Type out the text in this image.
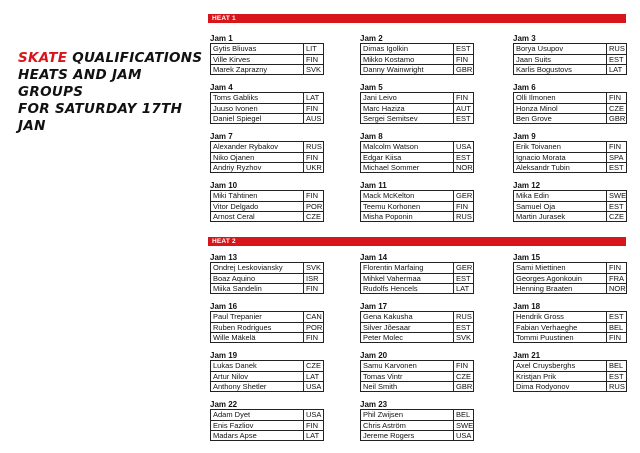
SKATE QUALIFICATIONS
HEATS AND JAM GROUPS
FOR SATURDAY 17TH JAN
HEAT 1
Jam 1
Gytis Bliuvas	LIT
Ville Kirves	FIN
Marek Zaprazny	SVK
Jam 2
Dimas Igolkin	EST
Mikko Kostamo	FIN
Danny Wainwright	GBR
Jam 3
Borya Usupov	RUS
Jaan Suits	EST
Karlis Bogustovs	LAT
Jam 4
Toms Gabliks	LAT
Juuso Ivonen	FIN
Daniel Spiegel	AUS
Jam 5
Jani Leivo	FIN
Marc Haziza	AUT
Sergei Semitsev	EST
Jam 6
Olli Ilmonen	FIN
Honza Minol	CZE
Ben Grove	GBR
Jam 7
Alexander Rybakov	RUS
Niko Ojanen	FIN
Andriy Ryzhov	UKR
Jam 8
Malcolm Watson	USA
Edgar Kiisa	EST
Michael Sommer	NOR
Jam 9
Erik Toivanen	FIN
Ignacio Morata	SPA
Aleksandr Tubin	EST
Jam 10
Miki Tähtinen	FIN
Vitor Delgado	POR
Arnost Ceral	CZE
Jam 11
Mack McKelton	GER
Teemu Korhonen	FIN
Misha Poponin	RUS
Jam 12
Mika Edin	SWE
Samuel Oja	EST
Martin Jurasek	CZE
HEAT 2
Jam 13
Ondrej Leskoviansky	SVK
Boaz Aquino	ISR
Miika Sandelin	FIN
Jam 14
Florentin Marfaing	GER
Mihkel Vahermaa	EST
Rudolfs Hencels	LAT
Jam 15
Sami Miettinen	FIN
Georges Agonkouin	FRA
Henning Braaten	NOR
Jam 16
Paul Trepanier	CAN
Ruben Rodrigues	POR
Wille Mäkelä	FIN
Jam 17
Gena Kakusha	RUS
Silver Jõesaar	EST
Peter Molec	SVK
Jam 18
Hendrik Gross	EST
Fabian Verhaeghe	BEL
Tommi Puustinen	FIN
Jam 19
Lukas Danek	CZE
Artur Nilov	LAT
Anthony Shetler	USA
Jam 20
Samu Karvonen	FIN
Tomas Vintr	CZE
Neil Smith	GBR
Jam 21
Axel Cruysberghs	BEL
Kristjan Prik	EST
Dima Rodyonov	RUS
Jam 22
Adam Dyet	USA
Enis Fazliov	FIN
Madars Apse	LAT
Jam 23
Phil Zwijsen	BEL
Chris Aström	SWE
Jereme Rogers	USA
